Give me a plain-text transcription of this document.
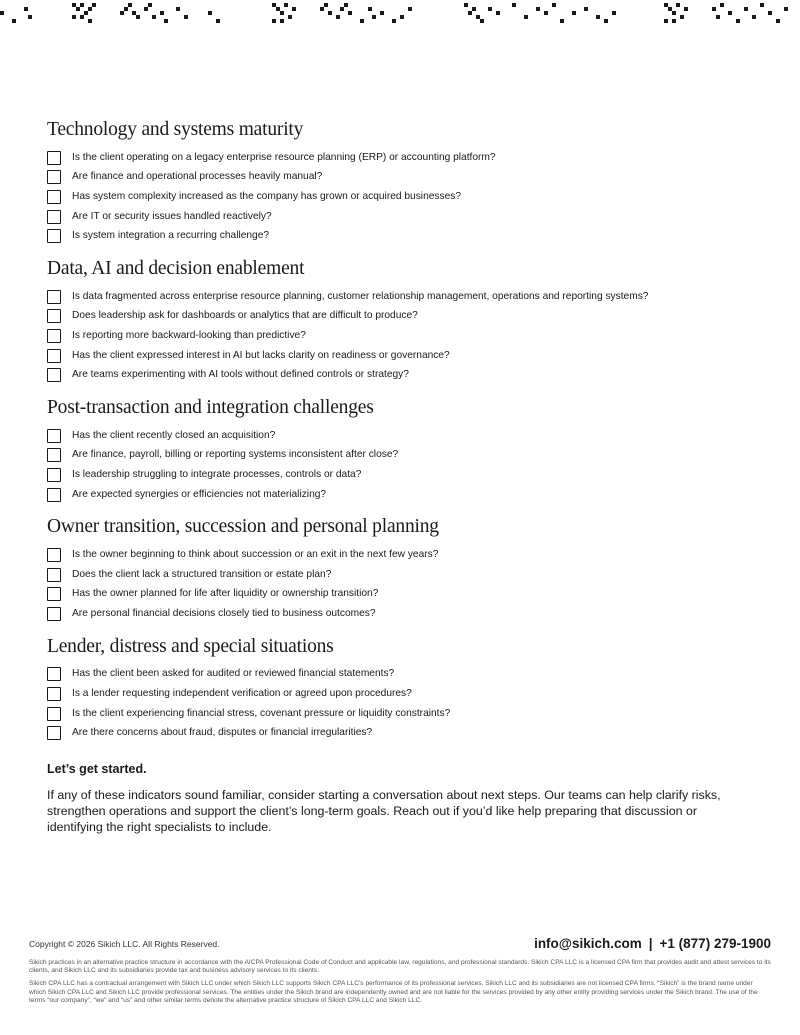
Technology and systems maturity
Is the client operating on a legacy enterprise resource planning (ERP) or accounting platform?
Are finance and operational processes heavily manual?
Has system complexity increased as the company has grown or acquired businesses?
Are IT or security issues handled reactively?
Is system integration a recurring challenge?
Data, AI and decision enablement
Is data fragmented across enterprise resource planning, customer relationship management, operations and reporting systems?
Does leadership ask for dashboards or analytics that are difficult to produce?
Is reporting more backward-looking than predictive?
Has the client expressed interest in AI but lacks clarity on readiness or governance?
Are teams experimenting with AI tools without defined controls or strategy?
Post-transaction and integration challenges
Has the client recently closed an acquisition?
Are finance, payroll, billing or reporting systems inconsistent after close?
Is leadership struggling to integrate processes, controls or data?
Are expected synergies or efficiencies not materializing?
Owner transition, succession and personal planning
Is the owner beginning to think about succession or an exit in the next few years?
Does the client lack a structured transition or estate plan?
Has the owner planned for life after liquidity or ownership transition?
Are personal financial decisions closely tied to business outcomes?
Lender, distress and special situations
Has the client been asked for audited or reviewed financial statements?
Is a lender requesting independent verification or agreed upon procedures?
Is the client experiencing financial stress, covenant pressure or liquidity constraints?
Are there concerns about fraud, disputes or financial irregularities?
Let’s get started.

If any of these indicators sound familiar, consider starting a conversation about next steps. Our teams can help clarify risks, strengthen operations and support the client’s long-term goals. Reach out if you’d like help preparing that discussion or identifying the right specialists to include.

Copyright © 2026 Sikich LLC. All Rights Reserved.	info@sikich.com | +1 (877) 279-1900
Sikich practices in an alternative practice structure in accordance with the AICPA Professional Code of Conduct and applicable law, regulations, and professional standards. Sikich CPA LLC is a licensed CPA firm that provides audit and attest services to its clients, and Sikich LLC and its subsidiaries provide tax and business advisory services to its clients.
Sikich CPA LLC has a contractual arrangement with Sikich LLC under which Sikich LLC supports Sikich CPA LLC’s performance of its professional services. Sikich LLC and its subsidiaries are not licensed CPA firms. “Sikich” is the brand name under which Sikich CPA LLC and Sikich LLC provide professional services. The entities under the Sikich brand are independently owned and are not liable for the services provided by any other entity providing services under the Sikich brand. The use of the terms “our company”, “we” and “us” and other similar terms denote the alternative practice structure of Sikich CPA LLC and Sikich LLC.
